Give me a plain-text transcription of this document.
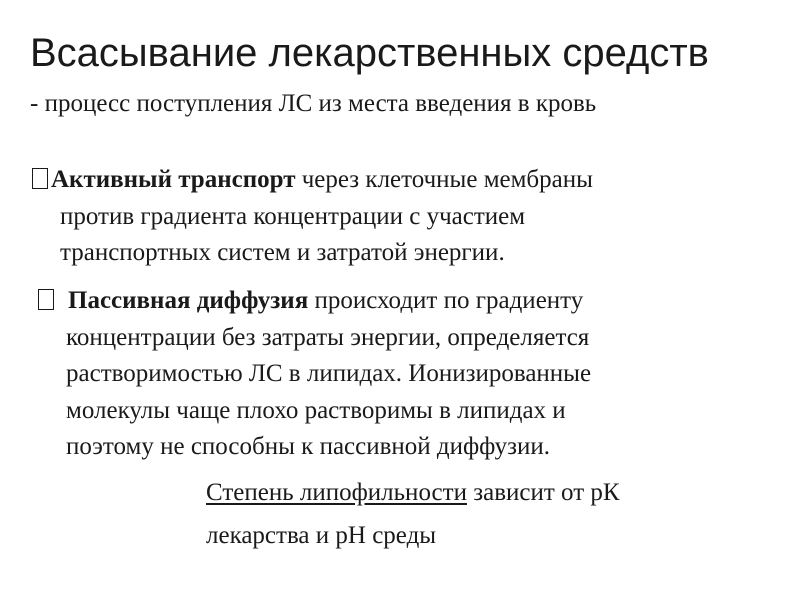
Всасывание лекарственных средств
- процесс поступления ЛС из места введения в кровь
Активный транспорт через клеточные мембраны
против градиента концентрации с участием
транспортных систем и затратой энергии.
Пассивная диффузия происходит по градиенту
концентрации без затраты энергии, определяется
растворимостью ЛС в липидах. Ионизированные
молекулы чаще плохо растворимы в липидах и
поэтому не способны к пассивной диффузии.
Степень липофильности зависит от рК
лекарства и рН среды
